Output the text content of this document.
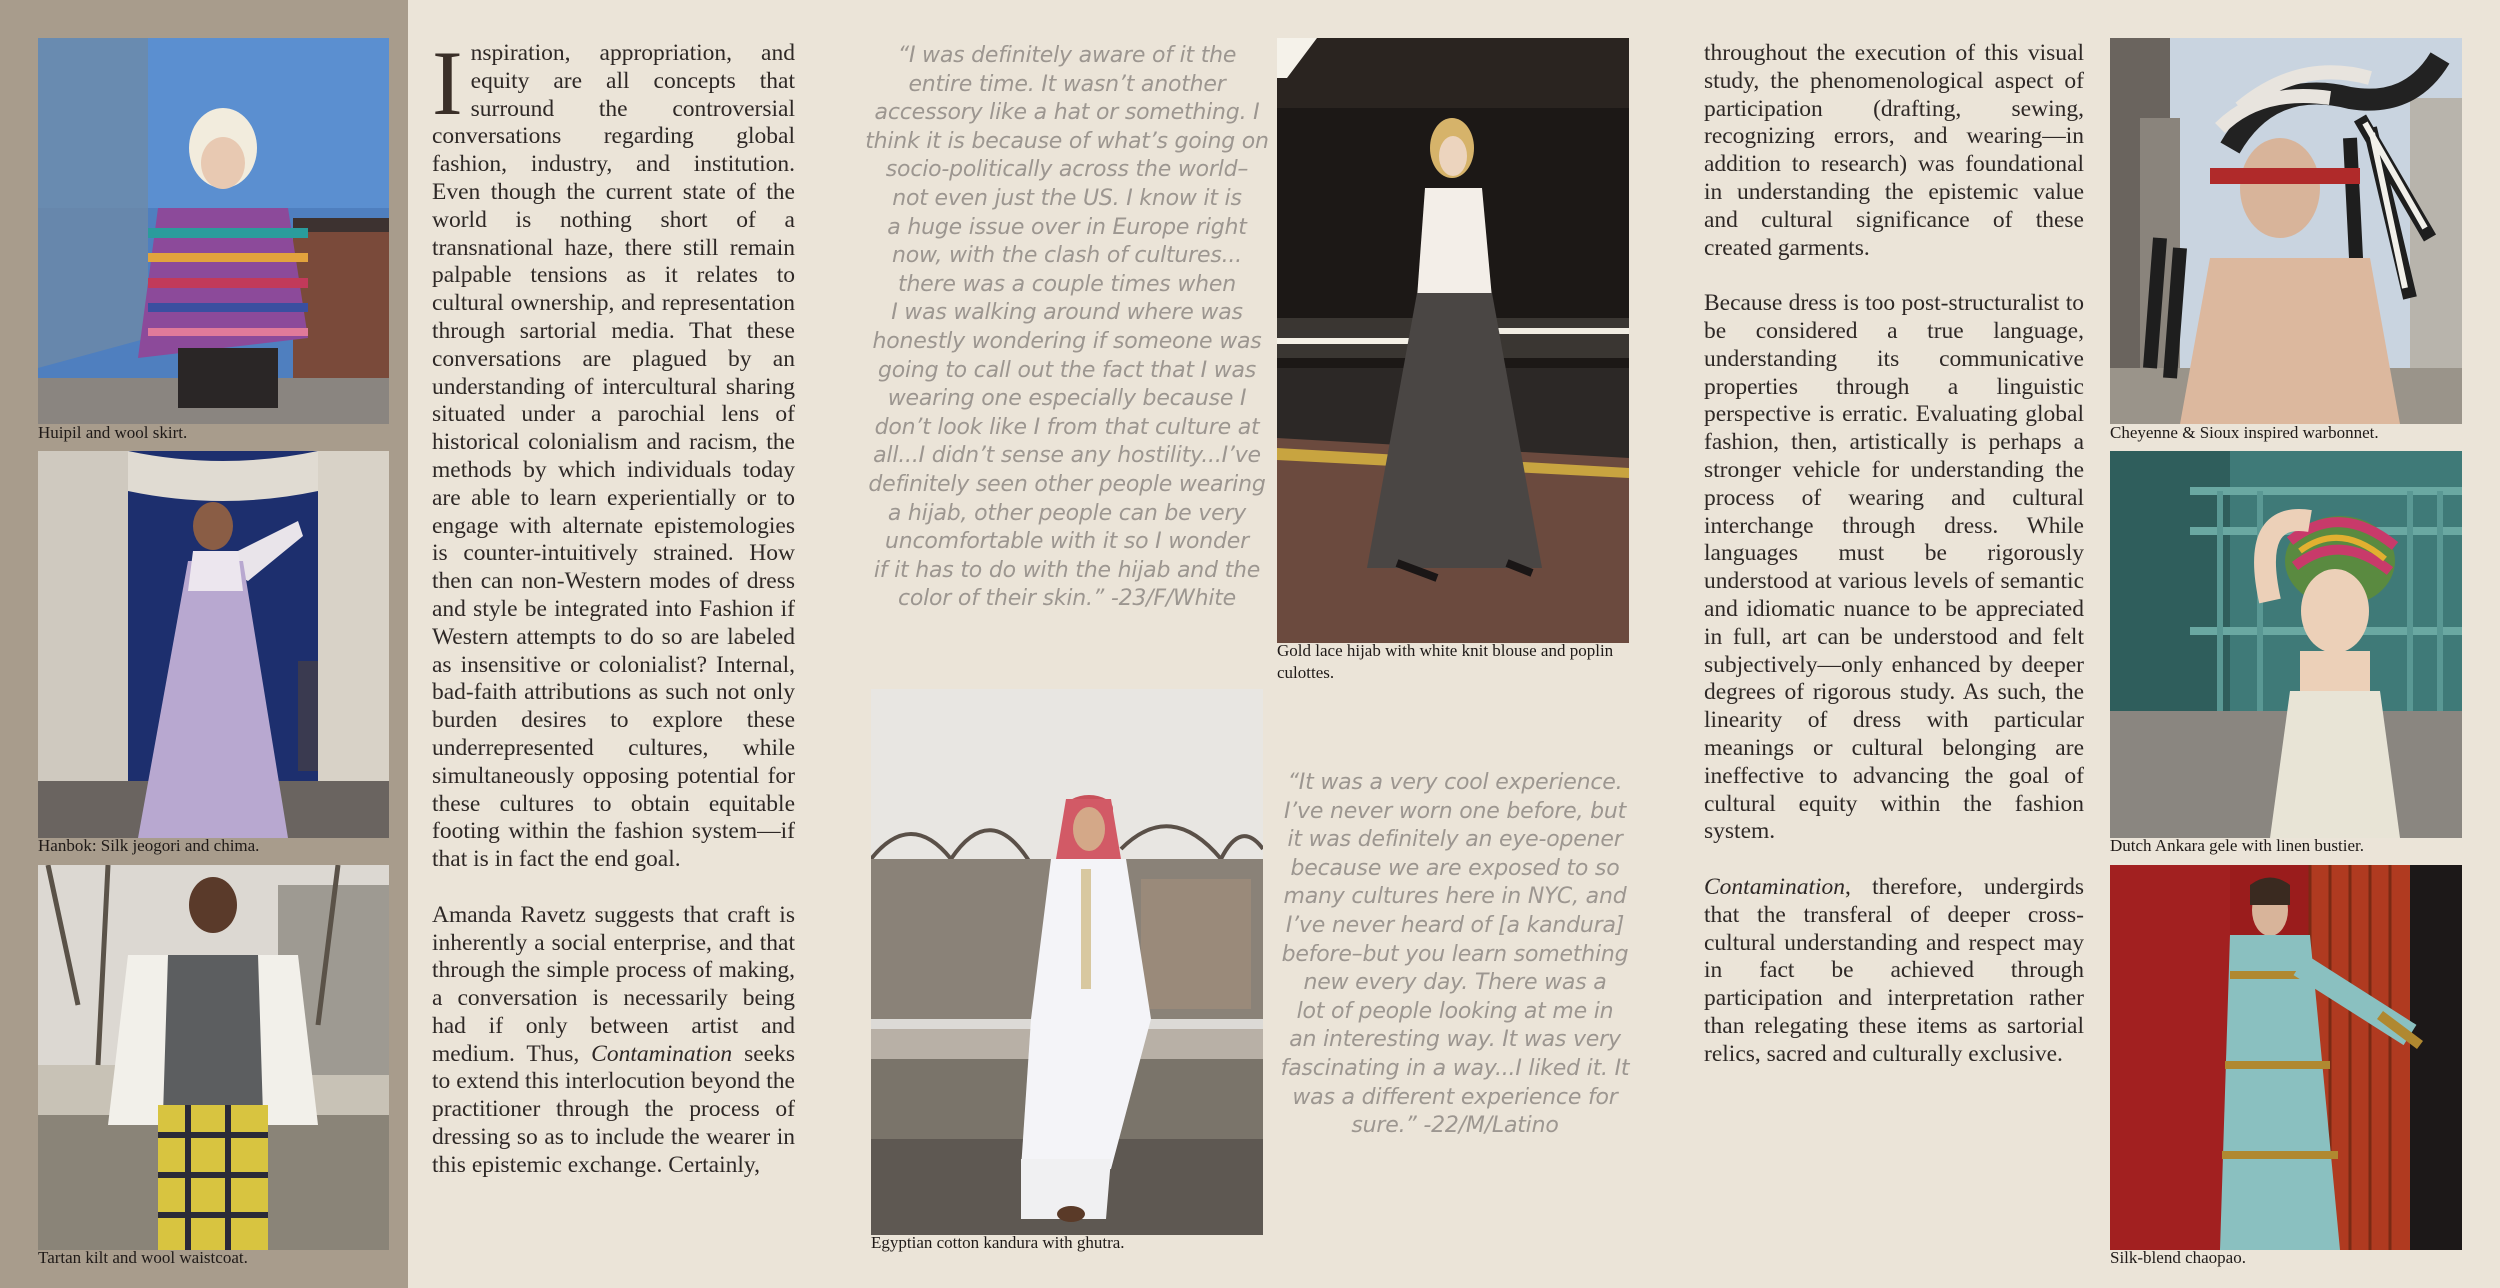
Huipil and wool skirt.
Hanbok: Silk jeogori and chima.
Tartan kilt and wool waistcoat.

Inspiration, appropriation, and equity are all concepts that surround the controversial conversations regarding global fashion, industry, and institution. Even though the current state of the world is nothing short of a transnational haze, there still remain palpable tensions as it relates to cultural ownership, and representation through sartorial media. That these conversations are plagued by an understanding of intercultural sharing situated under a parochial lens of historical colonialism and racism, the methods by which individuals today are able to learn experientially or to engage with alternate epistemologies is counter-intuitively strained. How then can non-Western modes of dress and style be integrated into Fashion if Western attempts to do so are labeled as insensitive or colonialist? Internal, bad-faith attributions as such not only burden desires to explore these underrepresented cultures, while simultaneously opposing potential for these cultures to obtain equitable footing within the fashion system—if that is in fact the end goal.

Amanda Ravetz suggests that craft is inherently a social enterprise, and that through the simple process of making, a conversation is necessarily being had if only between artist and medium. Thus, Contamination seeks to extend this interlocution beyond the practitioner through the process of dressing so as to include the wearer in this epistemic exchange. Certainly,

“I was definitely aware of it the
entire time. It wasn’t another
accessory like a hat or something. I
think it is because of what’s going on
socio-politically across the world–
not even just the US. I know it is
a huge issue over in Europe right
now, with the clash of cultures...
there was a couple times when
I was walking around where was
honestly wondering if someone was
going to call out the fact that I was
wearing one especially because I
don’t look like I from that culture at
all...I didn’t sense any hostility...I’ve
definitely seen other people wearing
a hijab, other people can be very
uncomfortable with it so I wonder
if it has to do with the hijab and the
color of their skin.” -23/F/White
Gold lace hijab with white knit blouse and poplin culottes.
Egyptian cotton kandura with ghutra.
“It was a very cool experience.
I’ve never worn one before, but
it was definitely an eye-opener
because we are exposed to so
many cultures here in NYC, and
I’ve never heard of [a kandura]
before–but you learn something
new every day. There was a
lot of people looking at me in
an interesting way. It was very
fascinating in a way...I liked it. It
was a different experience for
sure.” -22/M/Latino

throughout the execution of this visual study, the phenomenological aspect of participation (drafting, sewing, recognizing errors, and wearing—in addition to research) was foundational in understanding the epistemic value and cultural significance of these created garments.

Because dress is too post-structuralist to be considered a true language, understanding its communicative properties through a linguistic perspective is erratic. Evaluating global fashion, then, artistically is perhaps a stronger vehicle for understanding the process of wearing and cultural interchange through dress. While languages must be rigorously understood at various levels of semantic and idiomatic nuance to be appreciated in full, art can be understood and felt subjectively—only enhanced by deeper degrees of rigorous study. As such, the linearity of dress with particular meanings or cultural belonging are ineffective to advancing the goal of cultural equity within the fashion system.

Contamination, therefore, undergirds that the transferal of deeper cross-cultural understanding and respect may in fact be achieved through participation and interpretation rather than relegating these items as sartorial relics, sacred and culturally exclusive.

Cheyenne & Sioux inspired warbonnet.
Dutch Ankara gele with linen bustier.
Silk-blend chaopao.
